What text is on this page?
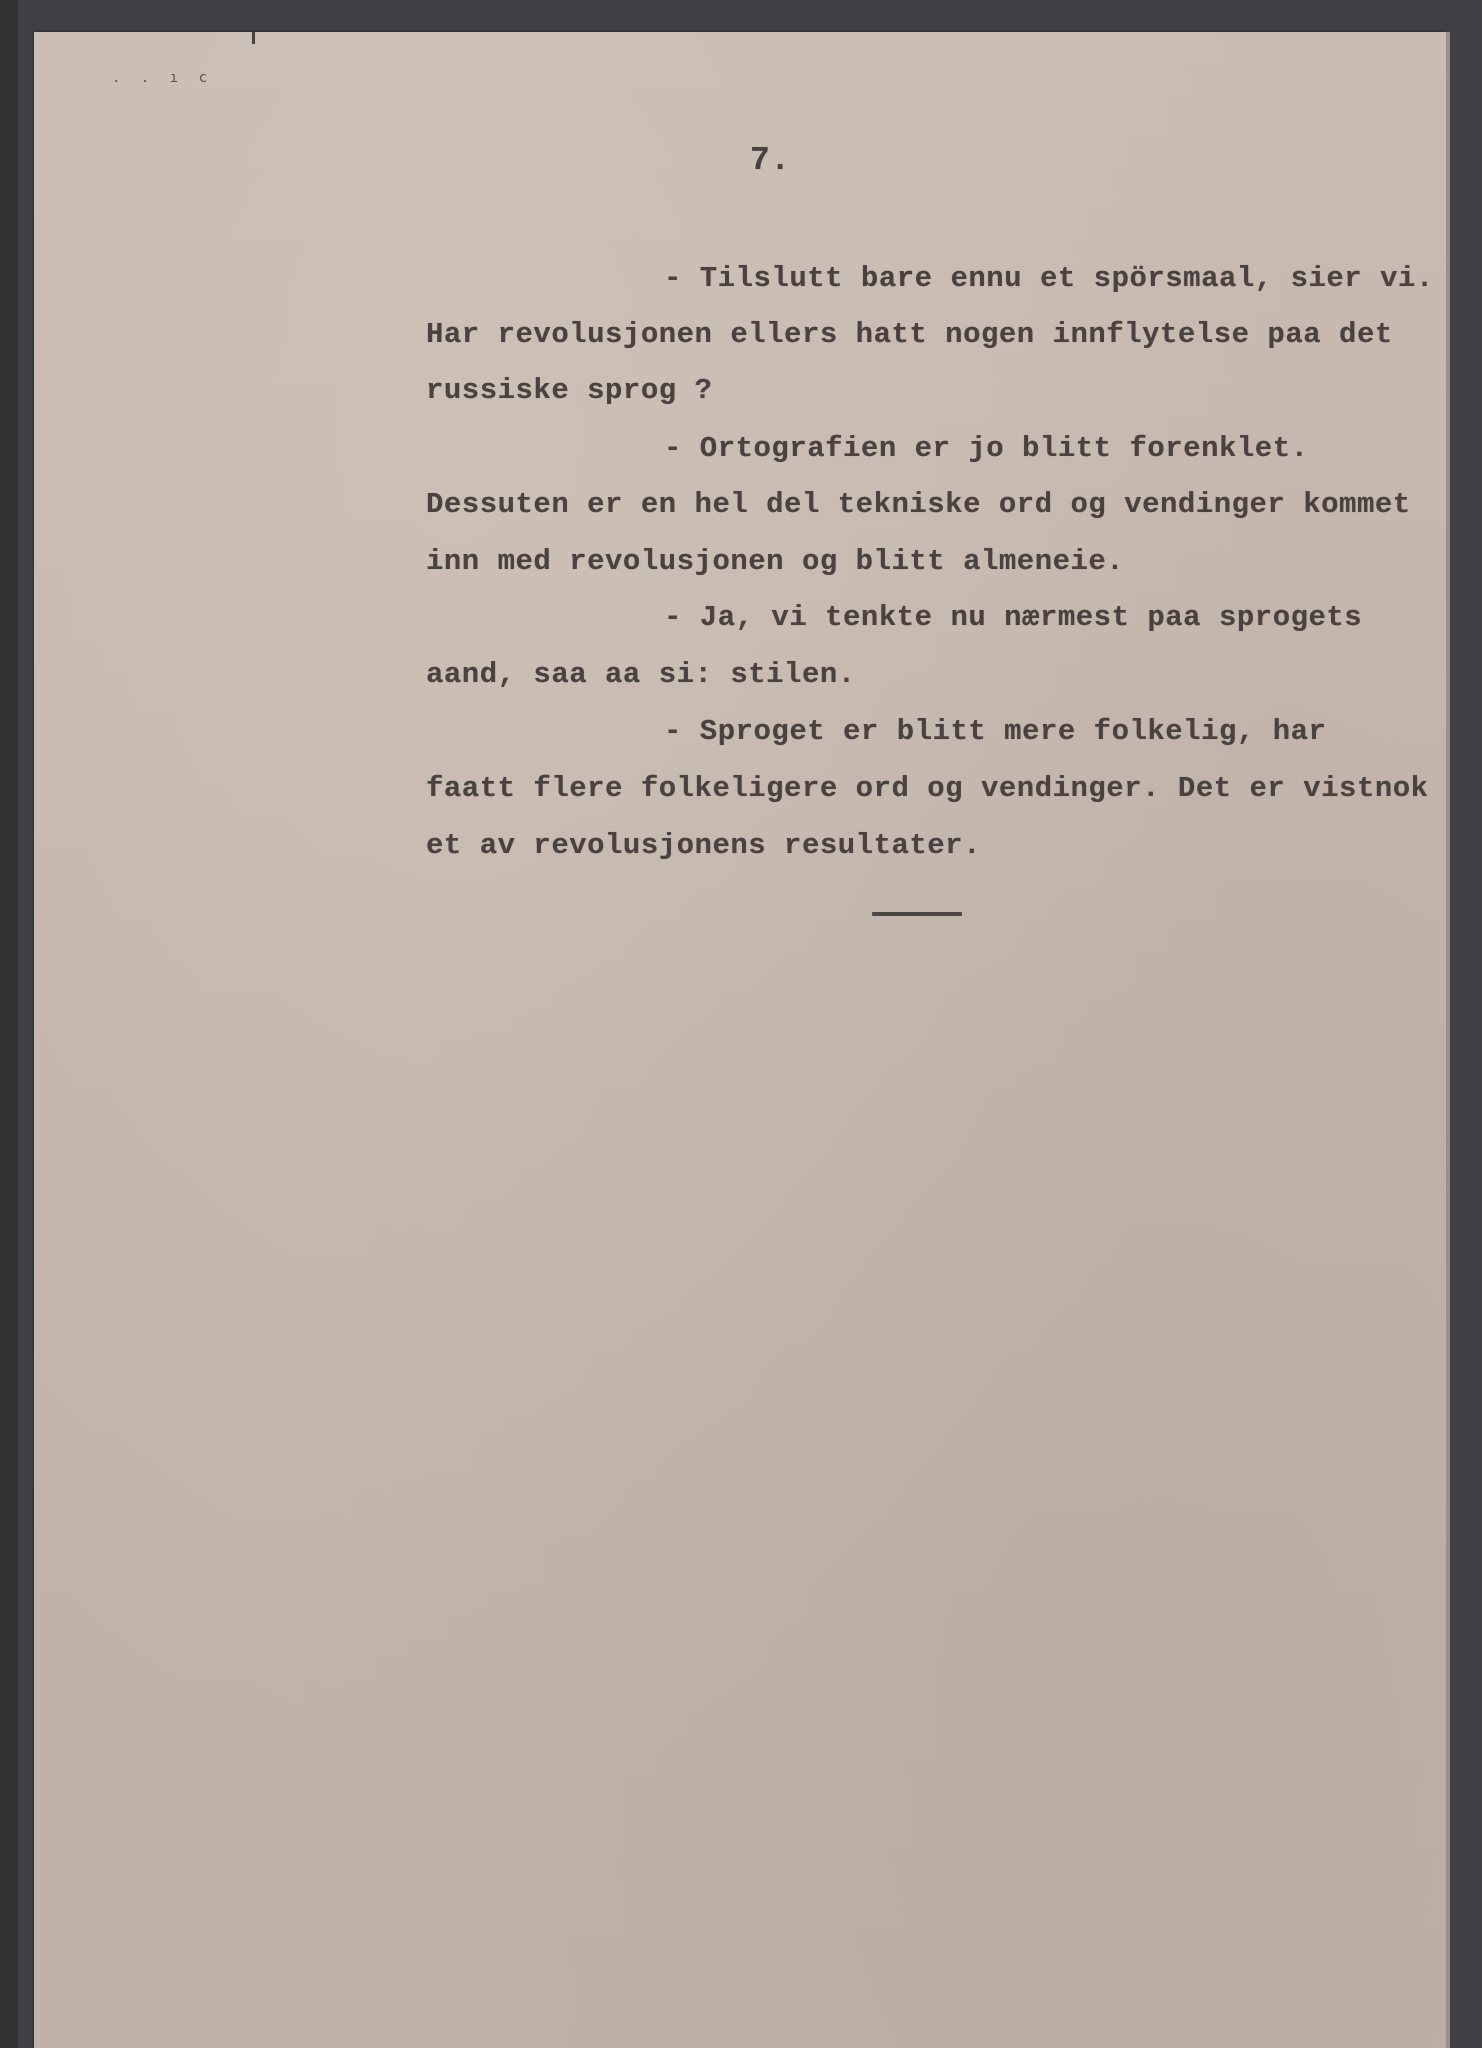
. . ı c
7.
- Tilslutt bare ennu et spörsmaal, sier vi.
Har revolusjonen ellers hatt nogen innflytelse paa det
russiske sprog ?
- Ortografien er jo blitt forenklet.
Dessuten er en hel del tekniske ord og vendinger kommet
inn med revolusjonen og blitt almeneie.
- Ja, vi tenkte nu nærmest paa sprogets
aand, saa aa si: stilen.
- Sproget er blitt mere folkelig, har
faatt flere folkeligere ord og vendinger. Det er vistnok
et av revolusjonens resultater.
